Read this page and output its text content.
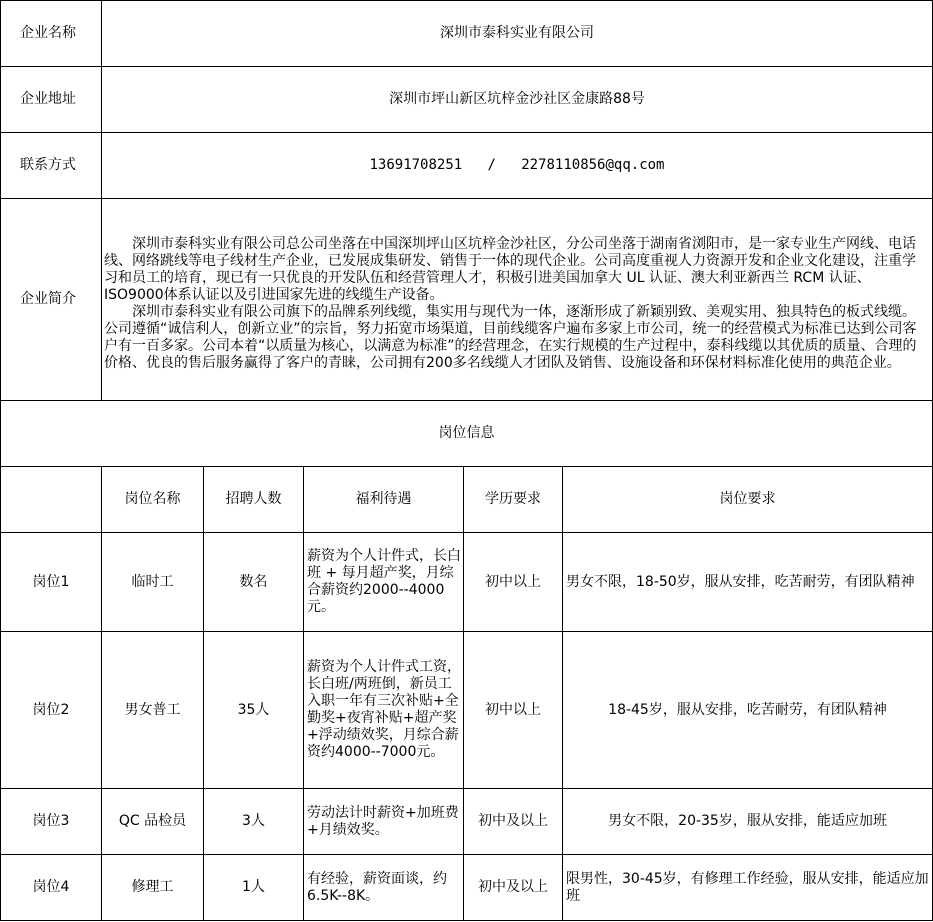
企业名称	深圳市泰科实业有限公司				
企业地址	深圳市坪山新区坑梓金沙社区金康路88号				
联系方式	13691708251   /   2278110856@qq.com				
企业简介	深圳市泰科实业有限公司总公司坐落在中国深圳坪山区坑梓金沙社区，分公司坐落于湖南省浏阳市，是一家专业生产网线、电话线、网络跳线等电子线材生产企业，已发展成集研发、销售于一体的现代企业。公司高度重视人力资源开发和企业文化建设，注重学习和员工的培育，现已有一只优良的开发队伍和经营管理人才，积极引进美国加拿大 UL 认证、澳大利亚新西兰 RCM 认证、ISO9000体系认证以及引进国家先进的线缆生产设备。

深圳市泰科实业有限公司旗下的品牌系列线缆，集实用与现代为一体，逐渐形成了新颖别致、美观实用、独具特色的板式线缆。公司遵循“诚信利人，创新立业”的宗旨，努力拓宽市场渠道，目前线缆客户遍布多家上市公司，统一的经营模式为标准已达到公司客户有一百多家。公司本着“以质量为核心，以满意为标准”的经营理念，在实行规模的生产过程中，泰科线缆以其优质的质量、合理的价格、优良的售后服务赢得了客户的青睐，公司拥有200多名线缆人才团队及销售、设施设备和环保材料标准化使用的典范企业。				

岗位信息					
	岗位名称	招聘人数	福利待遇	学历要求	岗位要求
岗位1	临时工	数名	薪资为个人计件式，长白班 + 每月超产奖，月综合薪资约2000--4000元。	初中以上	男女不限，18-50岁，服从安排，吃苦耐劳，有团队精神
岗位2	男女普工	35人	薪资为个人计件式工资，长白班/两班倒，新员工入职一年有三次补贴+全勤奖+夜宵补贴+超产奖+浮动绩效奖，月综合薪资约4000--7000元。	初中以上	18-45岁，服从安排，吃苦耐劳，有团队精神
岗位3	QC 品检员	3人	劳动法计时薪资+加班费+月绩效奖。	初中及以上	男女不限，20-35岁，服从安排，能适应加班
岗位4	修理工	1人	有经验，薪资面谈，约6.5K--8K。	初中及以上	限男性，30-45岁，有修理工作经验，服从安排，能适应加班
